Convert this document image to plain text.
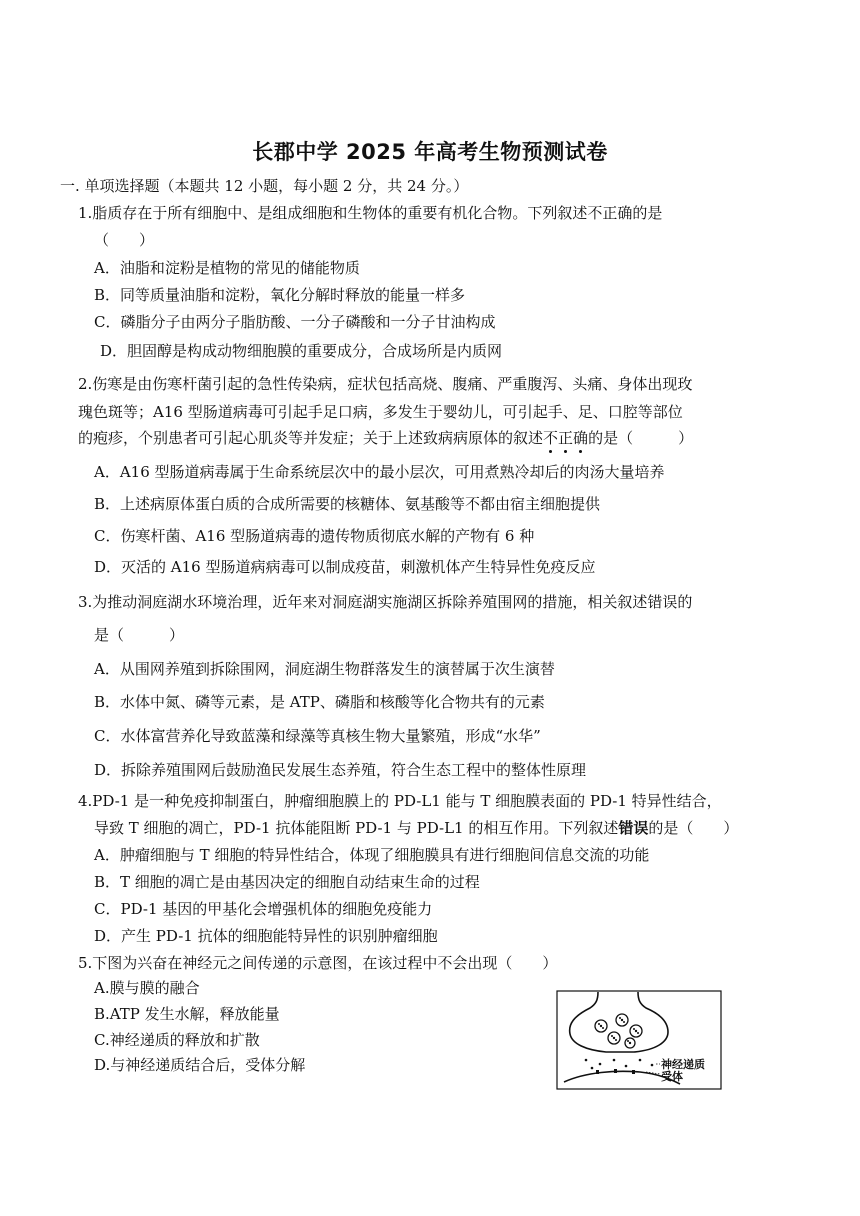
长郡中学 2025 年高考生物预测试卷
一. 单项选择题（本题共 12 小题，每小题 2 分，共 24 分。）
1.脂质存在于所有细胞中、是组成细胞和生物体的重要有机化合物。下列叙述不正确的是
（　　）
A．油脂和淀粉是植物的常见的储能物质
B．同等质量油脂和淀粉，氧化分解时释放的能量一样多
C．磷脂分子由两分子脂肪酸、一分子磷酸和一分子甘油构成
D．胆固醇是构成动物细胞膜的重要成分，合成场所是内质网
2.伤寒是由伤寒杆菌引起的急性传染病，症状包括高烧、腹痛、严重腹泻、头痛、身体出现玫
瑰色斑等；A16 型肠道病毒可引起手足口病，多发生于婴幼儿，可引起手、足、口腔等部位
的疱疹，个别患者可引起心肌炎等并发症；关于上述致病病原体的叙述不正确的是（　　　）
A．A16 型肠道病毒属于生命系统层次中的最小层次，可用煮熟冷却后的肉汤大量培养
B．上述病原体蛋白质的合成所需要的核糖体、氨基酸等不都由宿主细胞提供
C．伤寒杆菌、A16 型肠道病毒的遗传物质彻底水解的产物有 6 种
D．灭活的 A16 型肠道病病毒可以制成疫苗，刺激机体产生特异性免疫反应
3.为推动洞庭湖水环境治理，近年来对洞庭湖实施湖区拆除养殖围网的措施，相关叙述错误的
是（　　　）
A．从围网养殖到拆除围网，洞庭湖生物群落发生的演替属于次生演替
B．水体中氮、磷等元素，是 ATP、磷脂和核酸等化合物共有的元素
C．水体富营养化导致蓝藻和绿藻等真核生物大量繁殖，形成“水华”
D．拆除养殖围网后鼓励渔民发展生态养殖，符合生态工程中的整体性原理
4.PD-1 是一种免疫抑制蛋白，肿瘤细胞膜上的 PD-L1 能与 T 细胞膜表面的 PD-1 特异性结合，
导致 T 细胞的凋亡，PD-1 抗体能阻断 PD-1 与 PD-L1 的相互作用。下列叙述错误的是（　　）
A．肿瘤细胞与 T 细胞的特异性结合，体现了细胞膜具有进行细胞间信息交流的功能
B．T 细胞的凋亡是由基因决定的细胞自动结束生命的过程
C．PD-1 基因的甲基化会增强机体的细胞免疫能力
D．产生 PD-1 抗体的细胞能特异性的识别肿瘤细胞
5.下图为兴奋在神经元之间传递的示意图，在该过程中不会出现（　　）
A.膜与膜的融合
B.ATP 发生水解，释放能量
C.神经递质的释放和扩散
D.与神经递质结合后，受体分解	神经递质
受体
